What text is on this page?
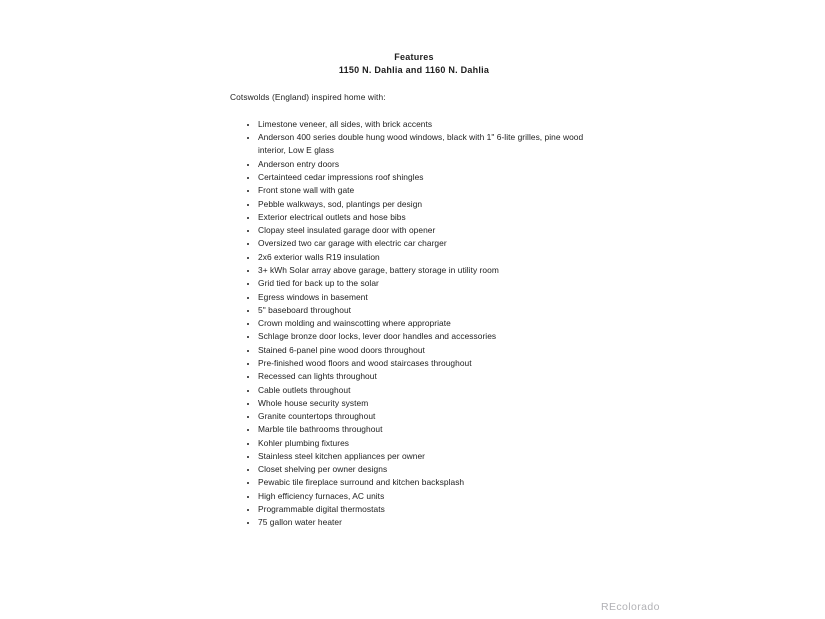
Features
1150 N. Dahlia and 1160 N. Dahlia

Cotswolds (England) inspired home with:

• Limestone veneer, all sides, with brick accents
• Anderson 400 series double hung wood windows, black with 1" 6-lite grilles, pine wood interior, Low E glass
• Anderson entry doors
• Certainteed cedar impressions roof shingles
• Front stone wall with gate
• Pebble walkways, sod, plantings per design
• Exterior electrical outlets and hose bibs
• Clopay steel insulated garage door with opener
• Oversized two car garage with electric car charger
• 2x6 exterior walls R19 insulation
• 3+ kWh Solar array above garage, battery storage in utility room
• Grid tied for back up to the solar
• Egress windows in basement
• 5" baseboard throughout
• Crown molding and wainscotting where appropriate
• Schlage bronze door locks, lever door handles and accessories
• Stained 6-panel pine wood doors throughout
• Pre-finished wood floors and wood staircases throughout
• Recessed can lights throughout
• Cable outlets throughout
• Whole house security system
• Granite countertops throughout
• Marble tile bathrooms throughout
• Kohler plumbing fixtures
• Stainless steel kitchen appliances per owner
• Closet shelving per owner designs
• Pewabic tile fireplace surround and kitchen backsplash
• High efficiency furnaces, AC units
• Programmable digital thermostats
• 75 gallon water heater
REcolorado
